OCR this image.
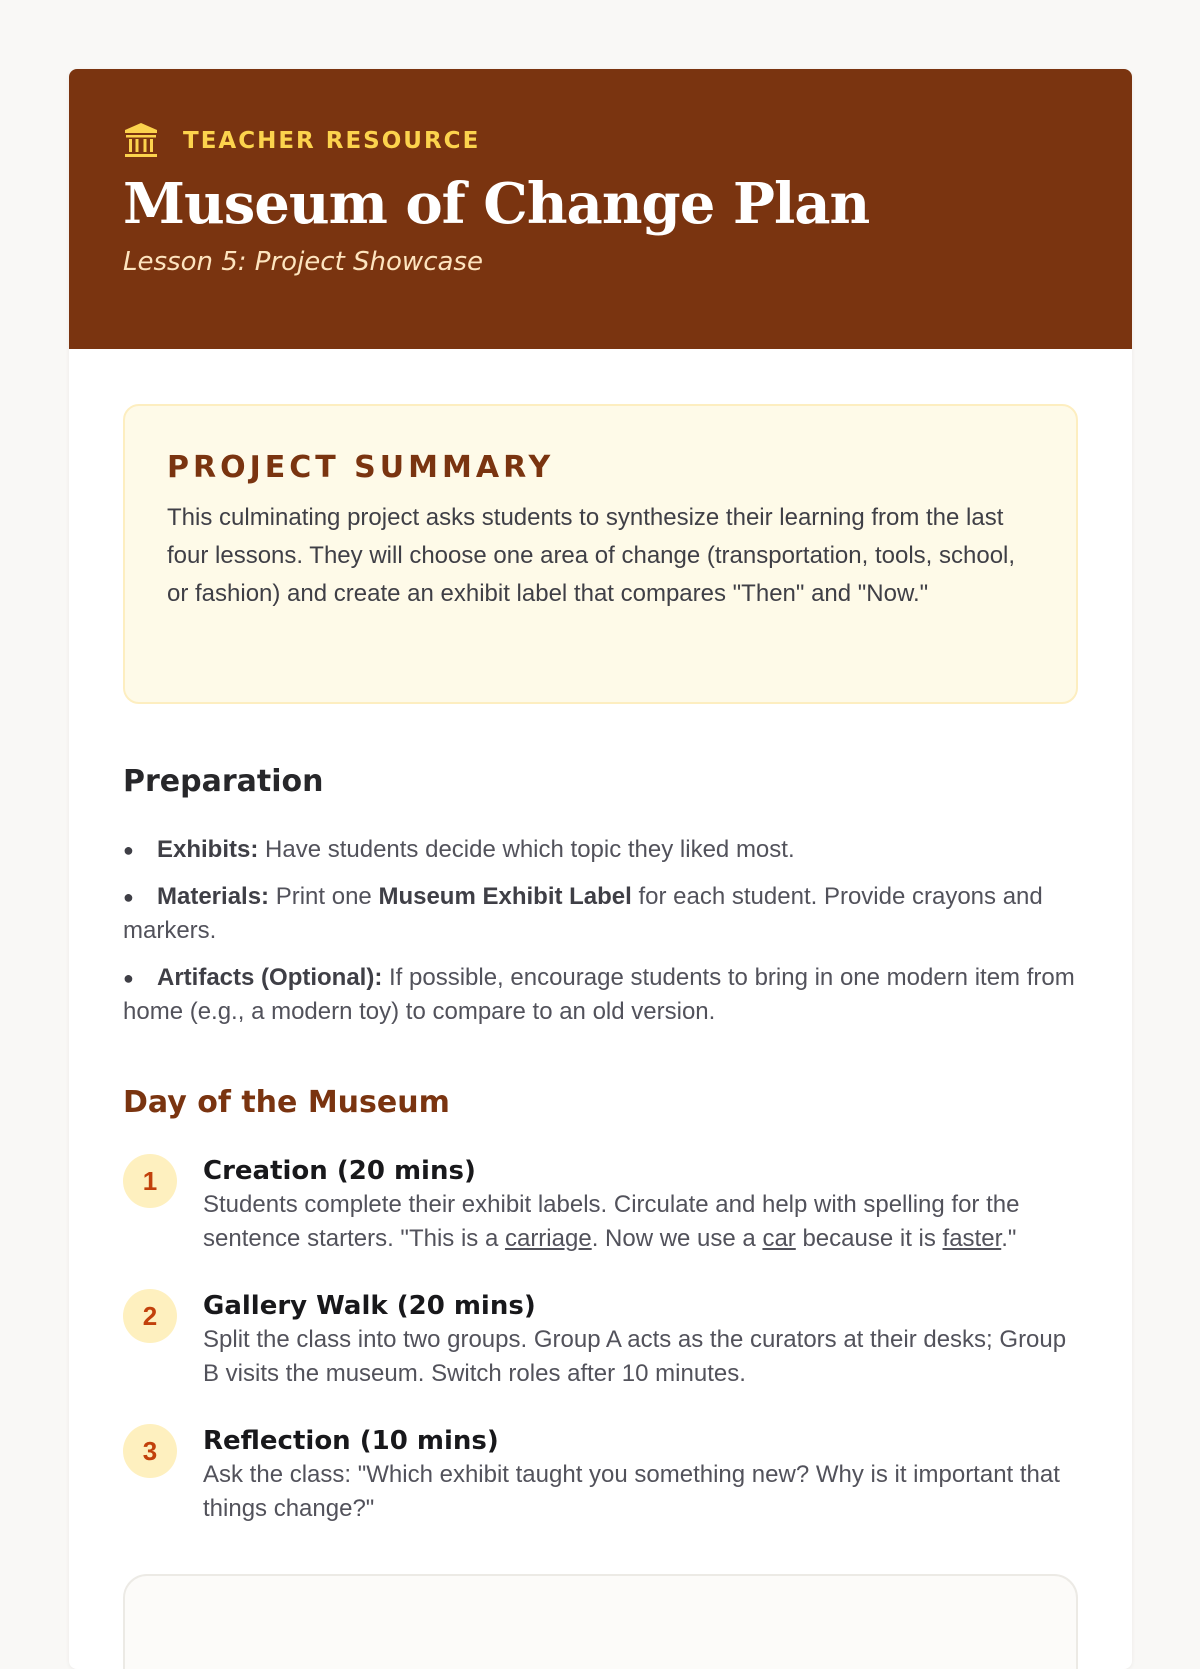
TEACHER RESOURCE
Museum of Change Plan
Lesson 5: Project Showcase
PROJECT SUMMARY
This culminating project asks students to synthesize their learning from the last four lessons. They will choose one area of change (transportation, tools, school, or fashion) and create an exhibit label that compares "Then" and "Now."
Preparation
● Exhibits: Have students decide which topic they liked most.
● Materials: Print one Museum Exhibit Label for each student. Provide crayons and markers.
● Artifacts (Optional): If possible, encourage students to bring in one modern item from home (e.g., a modern toy) to compare to an old version.
Day of the Museum
1	Creation (20 mins)
Students complete their exhibit labels. Circulate and help with spelling for the sentence starters. "This is a carriage. Now we use a car because it is faster."
2	Gallery Walk (20 mins)
Split the class into two groups. Group A acts as the curators at their desks; Group B visits the museum. Switch roles after 10 minutes.
3	Reflection (10 mins)
Ask the class: "Which exhibit taught you something new? Why is it important that things change?"
